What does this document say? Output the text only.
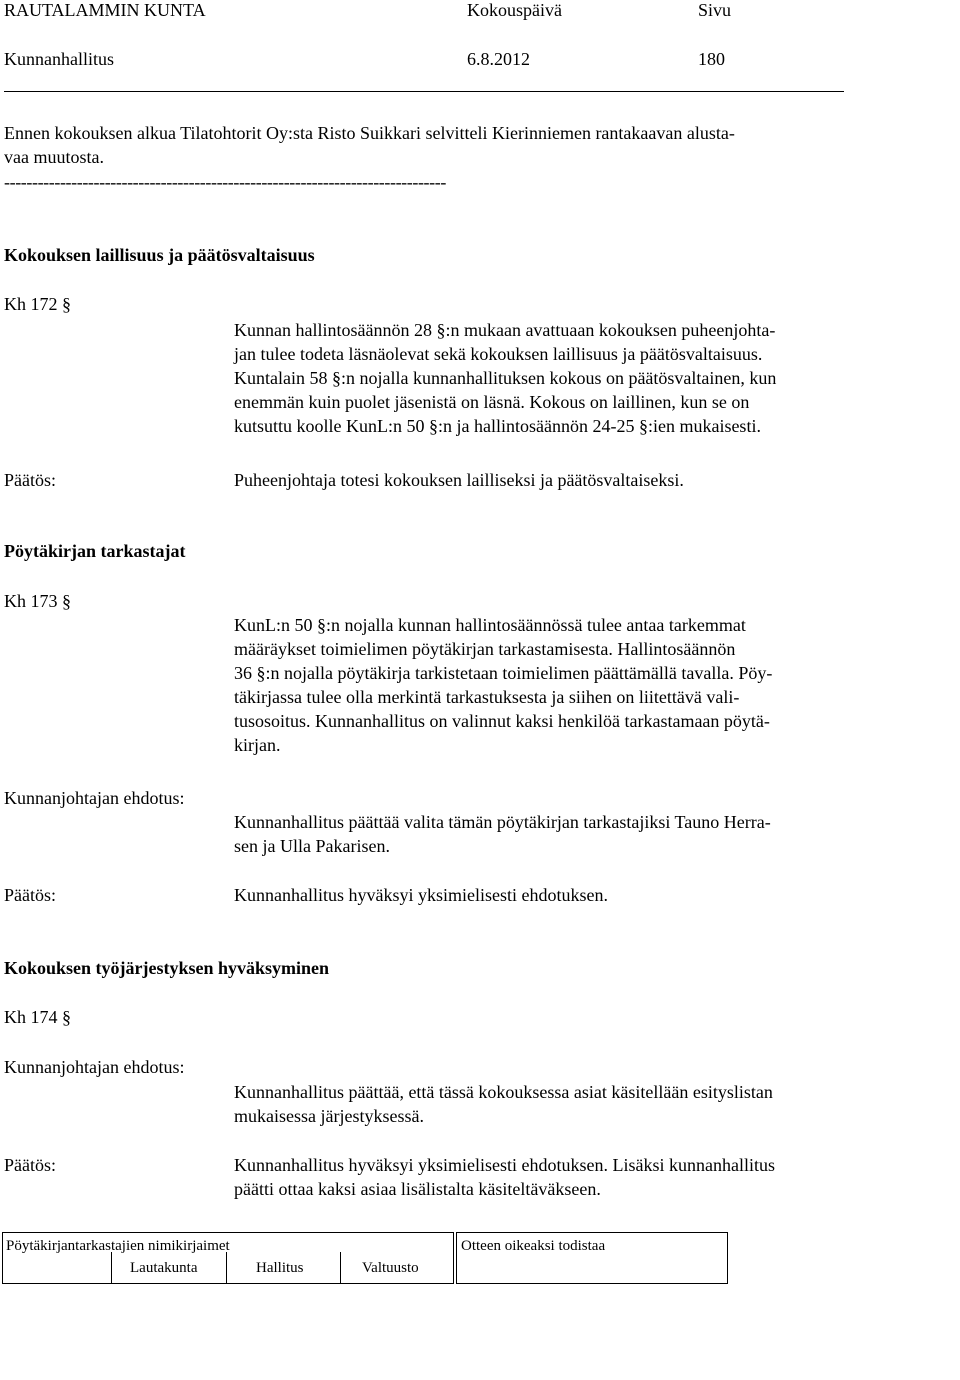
RAUTALAMMIN KUNTA	Kokouspäivä	Sivu
Kunnanhallitus	6.8.2012	180
Ennen kokouksen alkua Tilatohtorit Oy:sta Risto Suikkari selvitteli Kierinniemen rantakaavan alusta-
vaa muutosta.
-------------------------------------------------------------------------------
Kokouksen laillisuus ja päätösvaltaisuus
Kh 172 §
Kunnan hallintosäännön 28 §:n mukaan avattuaan kokouksen puheenjohta-
jan tulee todeta läsnäolevat sekä kokouksen laillisuus ja päätösvaltaisuus.
Kuntalain 58 §:n nojalla kunnanhallituksen kokous on päätösvaltainen, kun
enemmän kuin puolet jäsenistä on läsnä. Kokous on laillinen, kun se on
kutsuttu koolle KunL:n 50 §:n ja hallintosäännön 24-25 §:ien mukaisesti.
Päätös:	Puheenjohtaja totesi kokouksen lailliseksi ja päätösvaltaiseksi.
Pöytäkirjan tarkastajat
Kh 173 §
KunL:n 50 §:n nojalla kunnan hallintosäännössä tulee antaa tarkemmat
määräykset toimielimen pöytäkirjan tarkastamisesta. Hallintosäännön
36 §:n nojalla pöytäkirja tarkistetaan toimielimen päättämällä tavalla. Pöy-
täkirjassa tulee olla merkintä tarkastuksesta ja siihen on liitettävä vali-
tusosoitus. Kunnanhallitus on valinnut kaksi henkilöä tarkastamaan pöytä-
kirjan.
Kunnanjohtajan ehdotus:
Kunnanhallitus päättää valita tämän pöytäkirjan tarkastajiksi Tauno Herra-
sen ja Ulla Pakarisen.
Päätös:	Kunnanhallitus hyväksyi yksimielisesti ehdotuksen.
Kokouksen työjärjestyksen hyväksyminen
Kh 174 §
Kunnanjohtajan ehdotus:
Kunnanhallitus päättää, että tässä kokouksessa asiat käsitellään esityslistan
mukaisessa järjestyksessä.
Päätös:	Kunnanhallitus hyväksyi yksimielisesti ehdotuksen. Lisäksi kunnanhallitus
päätti ottaa kaksi asiaa lisälistalta käsiteltäväkseen.
Pöytäkirjantarkastajien nimikirjaimet
Lautakunta	Hallitus	Valtuusto
Otteen oikeaksi todistaa
